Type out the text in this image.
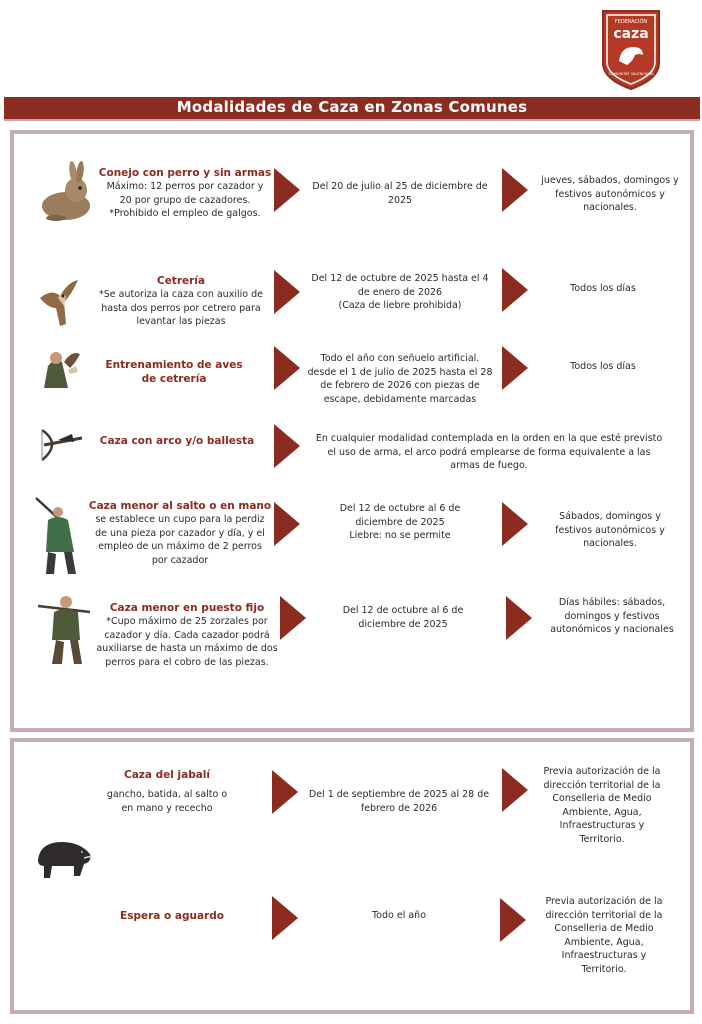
FEDERACIÓN
caza
COMUNITAT VALENCIANA
Modalidades de Caza en Zonas Comunes
Conejo con perro y sin armas
Máximo: 12 perros por cazador y
20 por grupo de cazadores.
*Prohibido el empleo de galgos.
Del 20 de julio al 25 de diciembre de
2025
jueves, sábados, domingos y
festivos autonómicos y
nacionales.
Cetrería
*Se autoriza la caza con auxilio de
hasta dos perros por cetrero para
levantar las piezas
Del 12 de octubre de 2025 hasta el 4
de enero de 2026
(Caza de liebre prohibida)
Todos los días
Entrenamiento de aves de cetrería
Todo el año con señuelo artificial.
desde el 1 de julio de 2025 hasta el 28
de febrero de 2026 con piezas de
escape, debidamente marcadas
Todos los días
Caza con arco y/o ballesta	En cualquier modalidad contemplada en la orden en la que esté previsto
el uso de arma, el arco podrá emplearse de forma equivalente a las
armas de fuego.
Caza menor al salto o en mano
se establece un cupo para la perdiz
de una pieza por cazador y día, y el
empleo de un máximo de 2 perros
por cazador
Del 12 de octubre al 6 de
diciembre de 2025
Liebre: no se permite
Sábados, domingos y
festivos autonómicos y
nacionales.
Caza menor en puesto fijo
*Cupo máximo de 25 zorzales por
cazador y día. Cada cazador podrá
auxiliarse de hasta un máximo de dos
perros para el cobro de las piezas.
Del 12 de octubre al 6 de
diciembre de 2025
Días hábiles: sábados,
domingos y festivos
autonómicos y nacionales
Caza del jabalí
gancho, batida, al salto o
en mano y rececho
Del 1 de septiembre de 2025 al 28 de
febrero de 2026
Previa autorización de la
dirección territorial de la
Conselleria de Medio
Ambiente, Agua,
Infraestructuras y
Territorio.
Espera o aguardo	Todo el año
Previa autorización de la
dirección territorial de la
Conselleria de Medio
Ambiente, Agua,
Infraestructuras y
Territorio.
